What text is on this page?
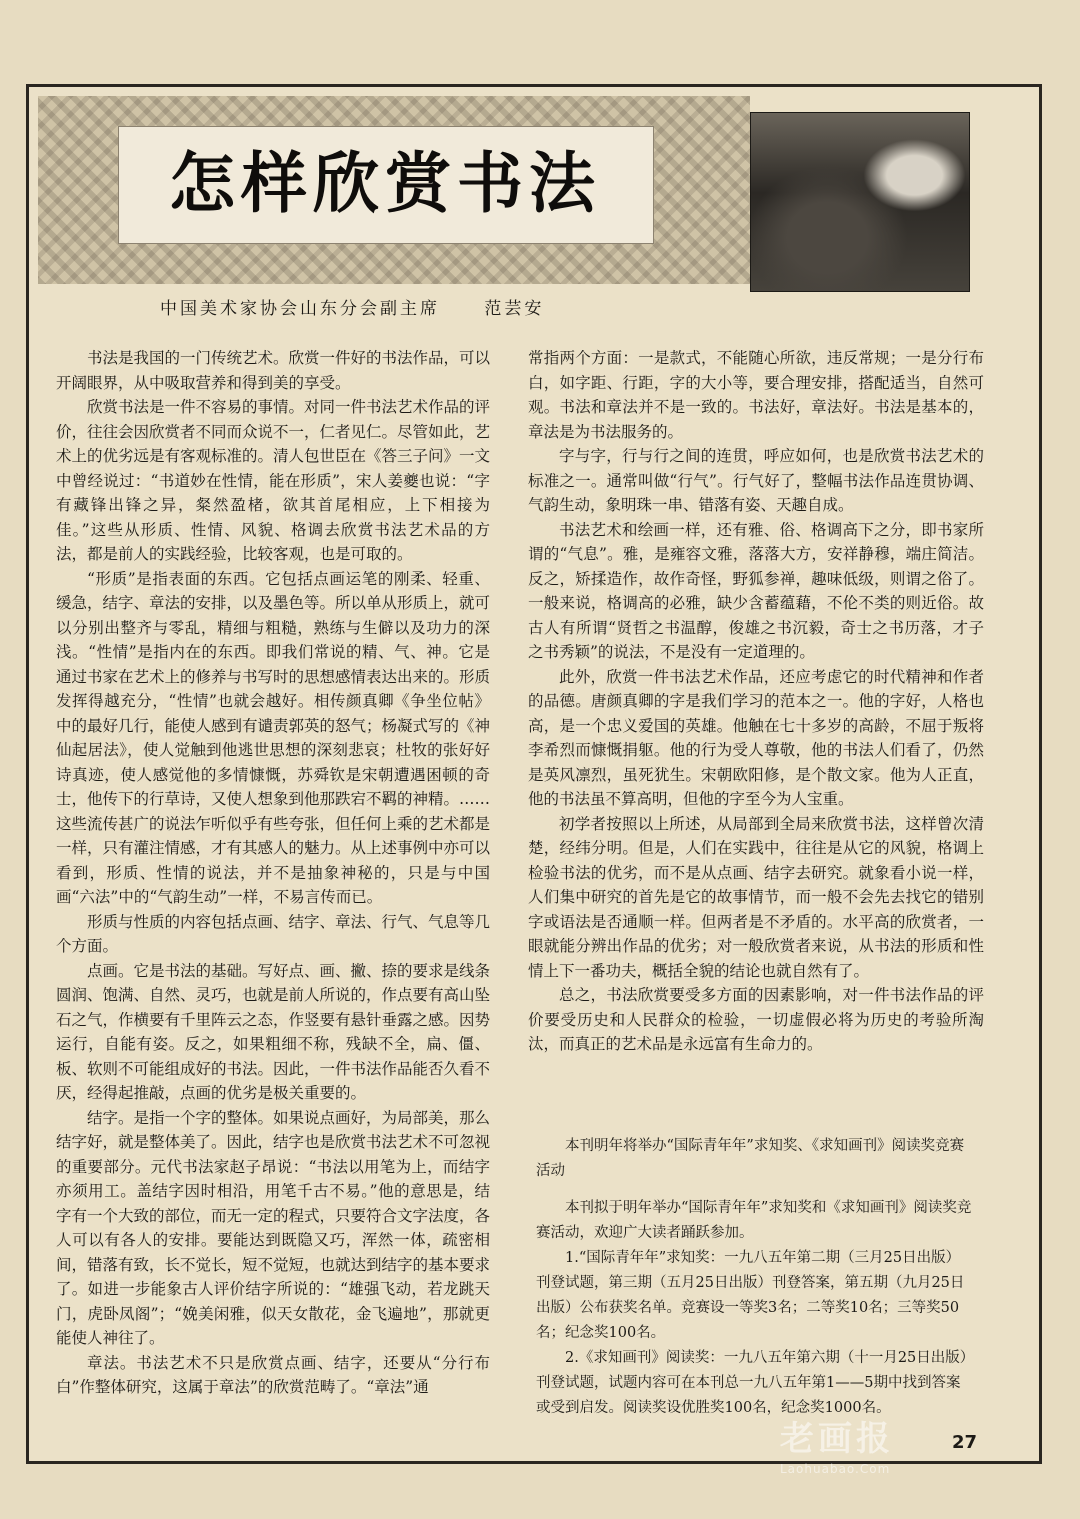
怎样欣赏书法
中国美术家协会山东分会副主席	范芸安

书法是我国的一门传统艺术。欣赏一件好的书法作品，可以开阔眼界，从中吸取营养和得到美的享受。

欣赏书法是一件不容易的事情。对同一件书法艺术作品的评价，往往会因欣赏者不同而众说不一，仁者见仁。尽管如此，艺术上的优劣远是有客观标准的。清人包世臣在《答三子问》一文中曾经说过：“书道妙在性情，能在形质”，宋人姜夔也说：“字有藏锋出锋之异，粲然盈楮，欲其首尾相应，上下相接为佳。”这些从形质、性情、风貌、格调去欣赏书法艺术品的方法，都是前人的实践经验，比较客观，也是可取的。

“形质”是指表面的东西。它包括点画运笔的刚柔、轻重、缓急，结字、章法的安排，以及墨色等。所以单从形质上，就可以分别出整齐与零乱，精细与粗糙，熟练与生僻以及功力的深浅。“性情”是指内在的东西。即我们常说的精、气、神。它是通过书家在艺术上的修养与书写时的思想感情表达出来的。形质发挥得越充分，“性情”也就会越好。相传颜真卿《争坐位帖》中的最好几行，能使人感到有谴责郭英的怒气；杨凝式写的《神仙起居法》，使人觉触到他逃世思想的深刻悲哀；杜牧的张好好诗真迹，使人感觉他的多情慷慨，苏舜钦是宋朝遭遇困顿的奇士，他传下的行草诗，又使人想象到他那跌宕不羁的神精。……这些流传甚广的说法乍听似乎有些夸张，但任何上乘的艺术都是一样，只有灌注情感，才有其感人的魅力。从上述事例中亦可以看到，形质、性情的说法，并不是抽象神秘的，只是与中国画“六法”中的“气韵生动”一样，不易言传而已。

形质与性质的内容包括点画、结字、章法、行气、气息等几个方面。

点画。它是书法的基础。写好点、画、撇、捺的要求是线条圆润、饱满、自然、灵巧，也就是前人所说的，作点要有高山坠石之气，作横要有千里阵云之态，作竖要有悬针垂露之感。因势运行，自能有姿。反之，如果粗细不称，残缺不全，扁、僵、板、软则不可能组成好的书法。因此，一件书法作品能否久看不厌，经得起推敲，点画的优劣是极关重要的。

结字。是指一个字的整体。如果说点画好，为局部美，那么结字好，就是整体美了。因此，结字也是欣赏书法艺术不可忽视的重要部分。元代书法家赵子昂说：“书法以用笔为上，而结字亦须用工。盖结字因时相沿，用笔千古不易。”他的意思是，结字有一个大致的部位，而无一定的程式，只要符合文字法度，各人可以有各人的安排。要能达到既隐又巧，浑然一体，疏密相间，错落有致，长不觉长，短不觉短，也就达到结字的基本要求了。如进一步能象古人评价结字所说的：“雄强飞动，若龙跳天门，虎卧凤阁”；“娩美闲雅，似天女散花，金飞遍地”，那就更能使人神往了。

章法。书法艺术不只是欣赏点画、结字，还要从“分行布白”作整体研究，这属于章法”的欣赏范畴了。“章法”通

常指两个方面：一是款式，不能随心所欲，违反常规；一是分行布白，如字距、行距，字的大小等，要合理安排，搭配适当，自然可观。书法和章法并不是一致的。书法好，章法好。书法是基本的，章法是为书法服务的。

字与字，行与行之间的连贯，呼应如何，也是欣赏书法艺术的标准之一。通常叫做“行气”。行气好了，整幅书法作品连贯协调、气韵生动，象明珠一串、错落有姿、天趣自成。

书法艺术和绘画一样，还有雅、俗、格调高下之分，即书家所谓的“气息”。雅，是雍容文雅，落落大方，安祥静穆，端庄简洁。反之，矫揉造作，故作奇怪，野狐参禅，趣味低级，则谓之俗了。一般来说，格调高的必雅，缺少含蓄蕴藉，不伦不类的则近俗。故古人有所谓“贤哲之书温醇，俊雄之书沉毅，奇士之书历落，才子之书秀颖”的说法，不是没有一定道理的。

此外，欣赏一件书法艺术作品，还应考虑它的时代精神和作者的品德。唐颜真卿的字是我们学习的范本之一。他的字好，人格也高，是一个忠义爱国的英雄。他触在七十多岁的高龄，不屈于叛将李希烈而慷慨捐躯。他的行为受人尊敬，他的书法人们看了，仍然是英风凛烈，虽死犹生。宋朝欧阳修，是个散文家。他为人正直，他的书法虽不算高明，但他的字至今为人宝重。

初学者按照以上所述，从局部到全局来欣赏书法，这样曾次清楚，经纬分明。但是，人们在实践中，往往是从它的风貌，格调上检验书法的优劣，而不是从点画、结字去研究。就象看小说一样，人们集中研究的首先是它的故事情节，而一般不会先去找它的错别字或语法是否通顺一样。但两者是不矛盾的。水平高的欣赏者，一眼就能分辨出作品的优劣；对一般欣赏者来说，从书法的形质和性情上下一番功夫，概括全貌的结论也就自然有了。

总之，书法欣赏要受多方面的因素影响，对一件书法作品的评价要受历史和人民群众的检验，一切虚假必将为历史的考验所淘汰，而真正的艺术品是永远富有生命力的。

本刊明年将举办“国际青年年”求知奖、《求知画刊》阅读奖竞赛活动

本刊拟于明年举办“国际青年年”求知奖和《求知画刊》阅读奖竞赛活动，欢迎广大读者踊跃参加。

1.“国际青年年”求知奖：一九八五年第二期（三月25日出版）刊登试题，第三期（五月25日出版）刊登答案，第五期（九月25日出版）公布获奖名单。竞赛设一等奖3名；二等奖10名；三等奖50名；纪念奖100名。

2.《求知画刊》阅读奖：一九八五年第六期（十一月25日出版）刊登试题，试题内容可在本刊总一九八五年第1——5期中找到答案或受到启发。阅读奖设优胜奖100名，纪念奖1000名。

老画报
Laohuabao.Com
27
